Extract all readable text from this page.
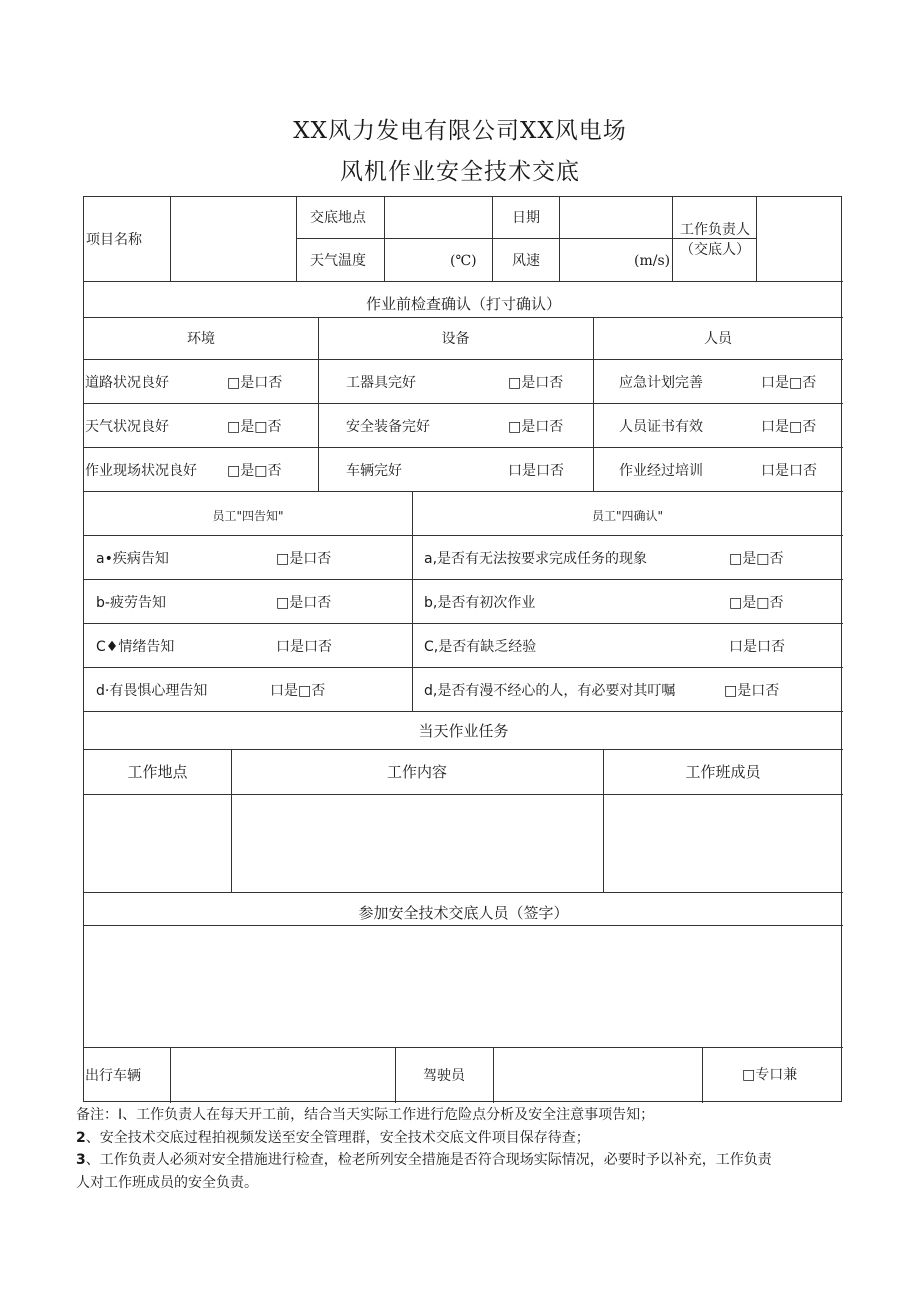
XX风力发电有限公司XX风电场
风机作业安全技术交底
项目名称
交底地点	日期
工作负责人
（交底人）
天气温度	(℃)	风速	(m/s)
作业前检查确认（打寸确认）
环境	设备	人员
道路状况良好	□是口否	工器具完好	□是口否	应急计划完善	口是□否
天气状况良好	□是□否	安全装备完好	□是口否	人员证书有效	口是□否
作业现场状况良好 □是□否	车辆完好	口是口否	作业经过培训	口是口否
员工"四告知"	员工"四确认"
a•疾病告知	□是口否	a,是否有无法按要求完成任务的现象	□是□否
b-疲劳告知	□是口否	b,是否有初次作业	□是□否
C♦情绪告知	口是口否	C,是否有缺乏经验	口是口否
d·有畏惧心理告知	口是□否	d,是否有漫不经心的人，有必要对其叮嘱	□是口否
当天作业任务
工作地点	工作内容	工作班成员
参加安全技术交底人员（签字）
出行车辆	驾驶员	□专口兼
备注：I、工作负责人在每天开工前，结合当天实际工作进行危险点分析及安全注意事项告知；
2、安全技术交底过程拍视频发送至安全管理群，安全技术交底文件项目保存待查；
3、工作负责人必须对安全措施进行检查，检老所列安全措施是否符合现场实际情况，必要时予以补充，工作负责
人对工作班成员的安全负责。
